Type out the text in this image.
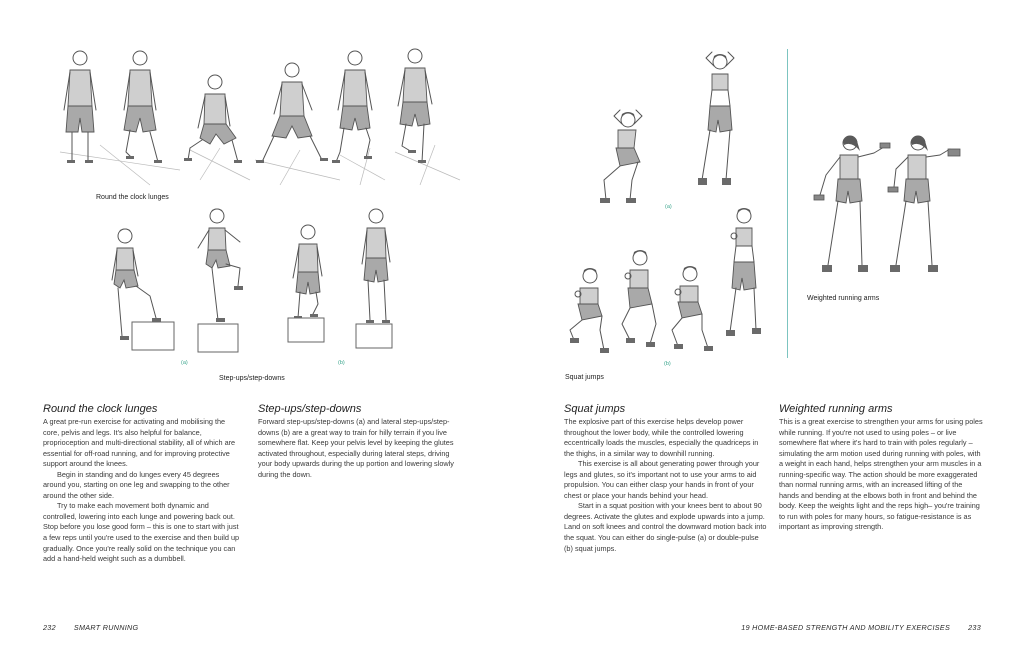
Round the clock lunges
(a)	(b)
Step-ups/step-downs
Round the clock lunges

A great pre-run exercise for activating and mobilising the core, pelvis and legs. It's also helpful for balance, proprioception and multi-directional stability, all of which are essential for off-road running, and for improving protective support around the knees.

Begin in standing and do lunges every 45 degrees around you, starting on one leg and swapping to the other around the other side.

Try to make each movement both dynamic and controlled, lowering into each lunge and powering back out. Stop before you lose good form – this is one to start with just a few reps until you're used to the exercise and then build up gradually. Once you're really solid on the technique you can add a hand-held weight such as a dumbbell.

Step-ups/step-downs

Forward step-ups/step-downs (a) and lateral step-ups/step-downs (b) are a great way to train for hilly terrain if you live somewhere flat. Keep your pelvis level by keeping the glutes activated throughout, especially during lateral steps, driving your body upwards during the up portion and lowering slowly during the down.

232	SMART RUNNING
(a)
(b)
Squat jumps
Weighted running arms
Squat jumps

The explosive part of this exercise helps develop power throughout the lower body, while the controlled lowering eccentrically loads the muscles, especially the quadriceps in the thighs, in a similar way to downhill running.

This exercise is all about generating power through your legs and glutes, so it's important not to use your arms to aid propulsion. You can either clasp your hands in front of your chest or place your hands behind your head.

Start in a squat position with your knees bent to about 90 degrees. Activate the glutes and explode upwards into a jump. Land on soft knees and control the downward motion back into the squat. You can either do single-pulse (a) or double-pulse (b) squat jumps.

Weighted running arms

This is a great exercise to strengthen your arms for using poles while running. If you're not used to using poles – or live somewhere flat where it's hard to train with poles regularly – simulating the arm motion used during running with poles, with a weight in each hand, helps strengthen your arm muscles in a running-specific way. The action should be more exaggerated than normal running arms, with an increased lifting of the hands and bending at the elbows both in front and behind the body. Keep the weights light and the reps high– you're training to run with poles for many hours, so fatigue-resistance is as important as improving strength.

19 HOME-BASED STRENGTH AND MOBILITY EXERCISES	233
